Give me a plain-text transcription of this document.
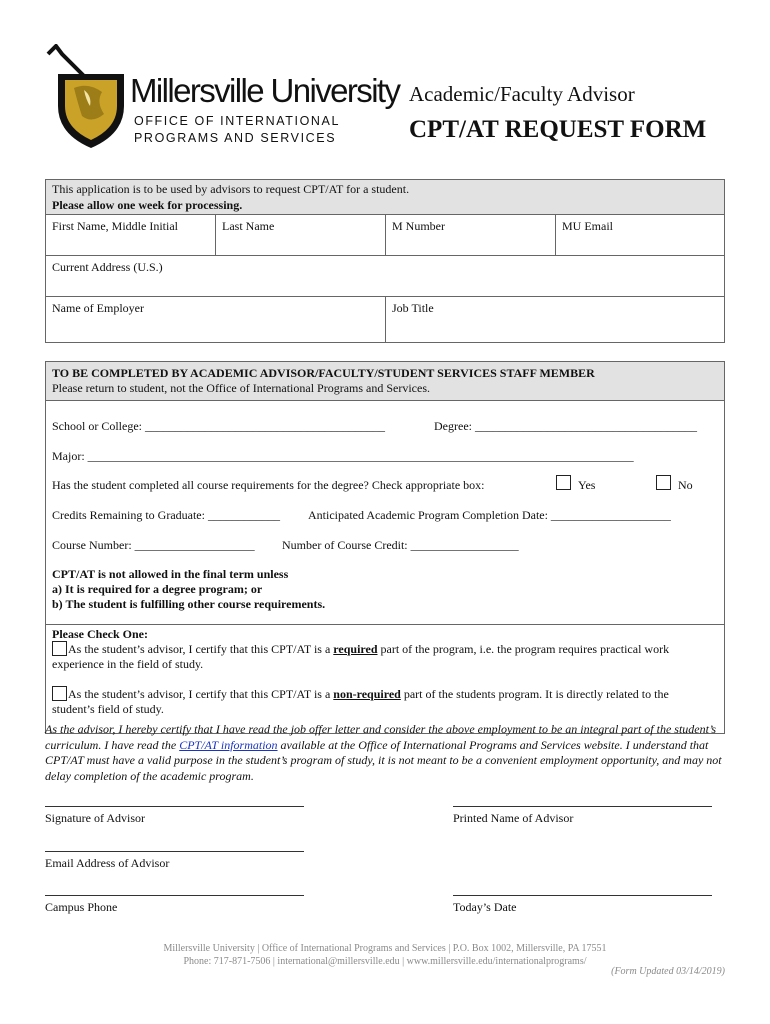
Millersville University
OFFICE OF INTERNATIONAL
PROGRAMS AND SERVICES
Academic/Faculty Advisor
CPT/AT REQUEST FORM
This application is to be used by advisors to request CPT/AT for a student.
Please allow one week for processing.
First Name, Middle Initial	Last Name	M Number	MU Email
Current Address (U.S.)
Name of Employer	Job Title
TO BE COMPLETED BY ACADEMIC ADVISOR/FACULTY/STUDENT SERVICES STAFF MEMBER
Please return to student, not the Office of International Programs and Services.
School or College: ________________________________________	Degree: _____________________________________
Major: ___________________________________________________________________________________________
Has the student completed all course requirements for the degree? Check appropriate box:	Yes	No
Credits Remaining to Graduate: ____________ Anticipated Academic Program Completion Date: ____________________
Course Number: ____________________ Number of Course Credit: __________________
CPT/AT is not allowed in the final term unless
a) It is required for a degree program; or
b) The student is fulfilling other course requirements.
Please Check One:
As the student’s advisor, I certify that this CPT/AT is a required part of the program, i.e. the program requires practical work
experience in the field of study.
As the student’s advisor, I certify that this CPT/AT is a non-required part of the students program. It is directly related to the
student’s field of study.
As the advisor, I hereby certify that I have read the job offer letter and consider the above employment to be an integral part of the student’s curriculum. I have read the CPT/AT information available at the Office of International Programs and Services website. I understand that CPT/AT must have a valid purpose in the student’s program of study, it is not meant to be a convenient employment opportunity, and may not delay completion of the academic program.
Signature of Advisor	Printed Name of Advisor
Email Address of Advisor
Campus Phone	Today’s Date
Millersville University | Office of International Programs and Services | P.O. Box 1002, Millersville, PA 17551
Phone: 717-871-7506 | international@millersville.edu | www.millersville.edu/internationalprograms/
(Form Updated 03/14/2019)
